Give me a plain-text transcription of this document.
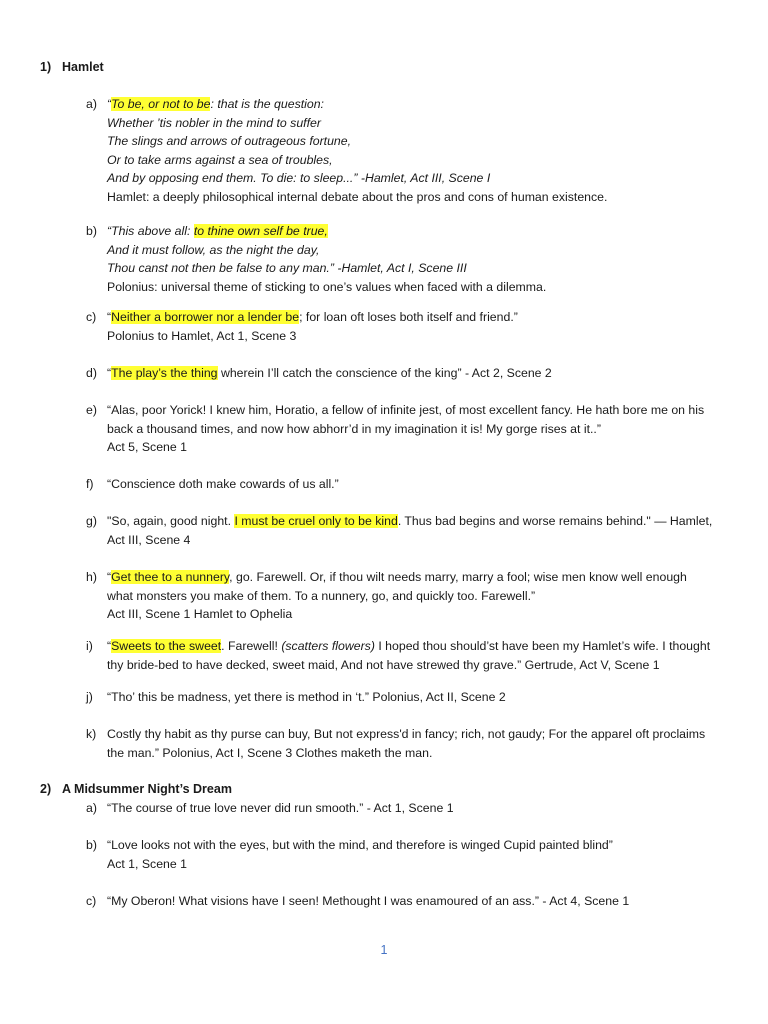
1) Hamlet
a) “To be, or not to be: that is the question:
Whether ’tis nobler in the mind to suffer
The slings and arrows of outrageous fortune,
Or to take arms against a sea of troubles,
And by opposing end them. To die: to sleep...” -Hamlet, Act III, Scene I
Hamlet: a deeply philosophical internal debate about the pros and cons of human existence.
b) “This above all: to thine own self be true,
And it must follow, as the night the day,
Thou canst not then be false to any man.” -Hamlet, Act I, Scene III
Polonius: universal theme of sticking to one’s values when faced with a dilemma.
c) “Neither a borrower nor a lender be; for loan oft loses both itself and friend.”
Polonius to Hamlet, Act 1, Scene 3
d) “The play’s the thing wherein I’ll catch the conscience of the king” - Act 2, Scene 2
e) “Alas, poor Yorick! I knew him, Horatio, a fellow of infinite jest, of most excellent fancy. He hath bore me on his
back a thousand times, and now how abhorr’d in my imagination it is! My gorge rises at it..”
Act 5, Scene 1
f)	“Conscience doth make cowards of us all.”
g) "So, again, good night. I must be cruel only to be kind. Thus bad begins and worse remains behind." — Hamlet,
Act III, Scene 4
h) “Get thee to a nunnery, go. Farewell. Or, if thou wilt needs marry, marry a fool; wise men know well enough
what monsters you make of them. To a nunnery, go, and quickly too. Farewell.”
Act III, Scene 1 Hamlet to Ophelia
i)	“Sweets to the sweet. Farewell! (scatters flowers) I hoped thou should’st have been my Hamlet’s wife. I thought
thy bride-bed to have decked, sweet maid, And not have strewed thy grave.” Gertrude, Act V, Scene 1
j)	“Tho’ this be madness, yet there is method in ‘t.” Polonius, Act II, Scene 2
k) Costly thy habit as thy purse can buy, But not express'd in fancy; rich, not gaudy; For the apparel oft proclaims
the man.” Polonius, Act I, Scene 3 Clothes maketh the man.
2) A Midsummer Night’s Dream
a) “The course of true love never did run smooth.” - Act 1, Scene 1
b) “Love looks not with the eyes, but with the mind, and therefore is winged Cupid painted blind”
Act 1, Scene 1
c) “My Oberon! What visions have I seen! Methought I was enamoured of an ass.” - Act 4, Scene 1
1
